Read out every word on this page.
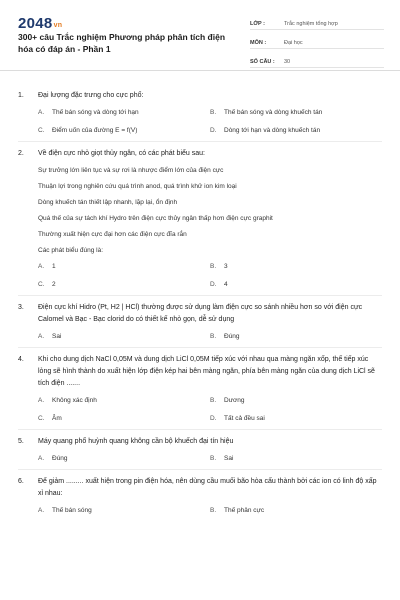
2048vn
300+ câu Trắc nghiệm Phương pháp phân tích điện hóa có đáp án - Phần 1
LỚP :	Trắc nghiệm tổng hợp
MÔN :	Đại học
SỐ CÂU :	30
1.	Đại lượng đặc trưng cho cực phổ:
A .	Thế bán sóng và dòng tới hạn	B .	Thế bán sóng và dòng khuếch tán
C .	Điểm uốn của đường E = f(V)	D .	Dòng tới hạn và dòng khuếch tán
2.	Về điện cực nhỏ giọt thủy ngân, có các phát biểu sau:
Sự trưởng lớn liên tục và sự rơi là nhược điểm lớn của điện cực
Thuận lợi trong nghiên cứu quá trình anod, quá trình khử ion kim loại
Dòng khuếch tán thiết lập nhanh, lặp lại, ổn định
Quá thế của sự tách khí Hydro trên điện cực thủy ngân thấp hơn điện cực graphit
Thường xuất hiện cực đại hơn các điện cực đĩa rắn
Các phát biểu đúng là:
A .	1	B .	3
C .	2	D .	4
3.	Điện cực khí Hidro (Pt, H2 | HCl) thường được sử dụng làm điện cực so sánh nhiều hơn so với điện cực Calomel và Bạc - Bạc clorid do có thiết kế nhỏ gọn, dễ sử dụng
A .	Sai	B .	Đúng
4.	Khi cho dung dịch NaCl 0,05M và dung dịch LiCl 0,05M tiếp xúc với nhau qua màng ngăn xốp, thế tiếp xúc lỏng sẽ hình thành do xuất hiện lớp điện kép hai bên màng ngăn, phía bên màng ngăn của dung dịch LiCl sẽ tích điện .......
A .	Không xác định	B .	Dương
C .	Âm	D .	Tất cả đều sai
5.	Máy quang phổ huỳnh quang không cần bộ khuếch đại tín hiệu
A .	Đúng	B .	Sai
6.	Để giảm ......... xuất hiện trong pin điện hóa, nên dùng cầu muối bão hòa cấu thành bởi các ion có linh độ xấp xỉ nhau:
A .	Thế bán sóng	B .	Thế phân cực
